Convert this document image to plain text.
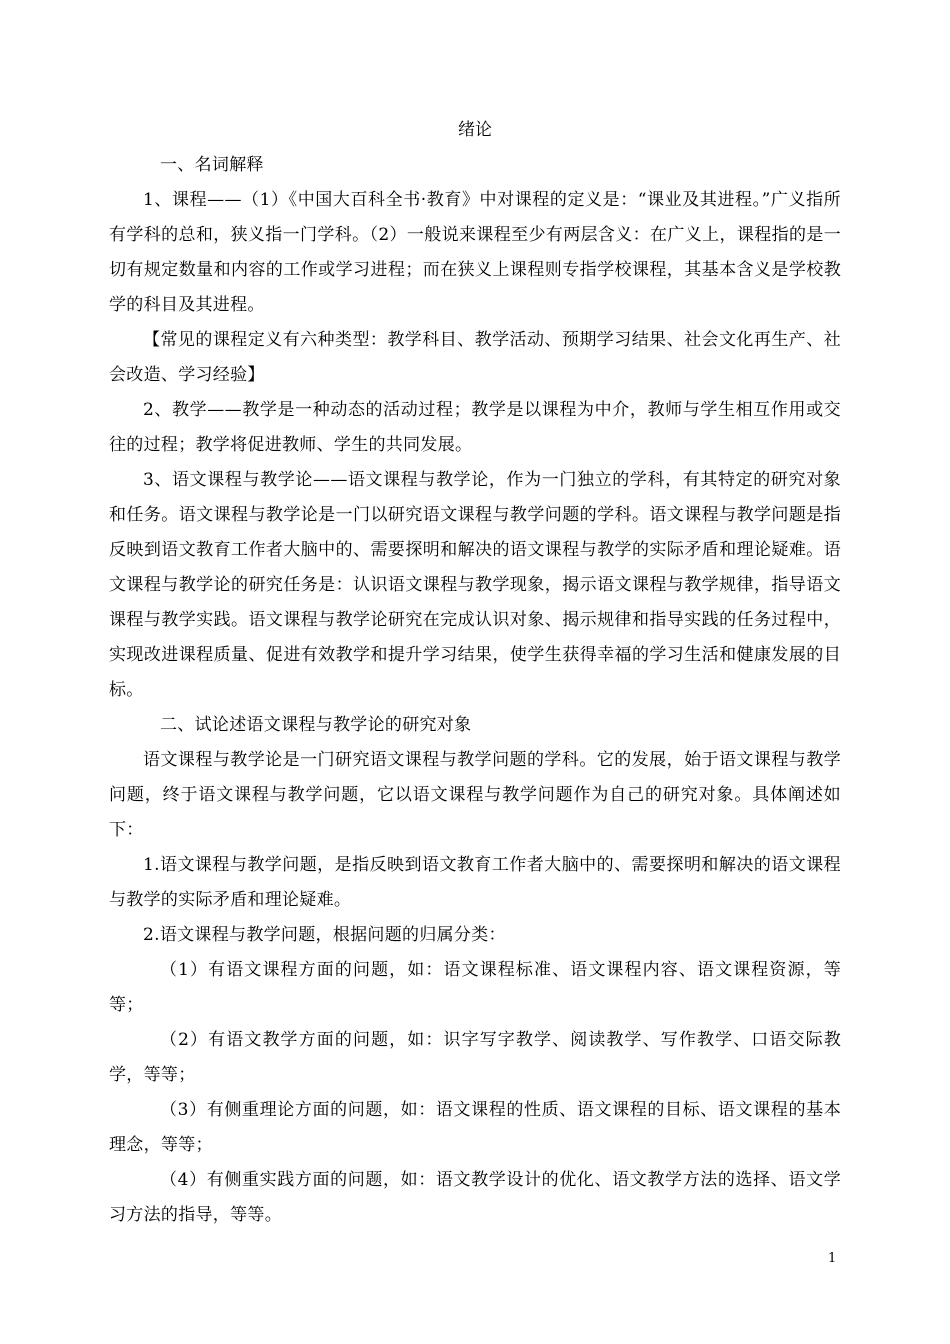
绪论

一、名词解释

1、课程——（1）《中国大百科全书·教育》中对课程的定义是：“课业及其进程。”广义指所有学科的总和，狭义指一门学科。（2）一般说来课程至少有两层含义：在广义上，课程指的是一切有规定数量和内容的工作或学习进程；而在狭义上课程则专指学校课程，其基本含义是学校教学的科目及其进程。

【常见的课程定义有六种类型：教学科目、教学活动、预期学习结果、社会文化再生产、社会改造、学习经验】

2、教学——教学是一种动态的活动过程；教学是以课程为中介，教师与学生相互作用或交往的过程；教学将促进教师、学生的共同发展。

3、语文课程与教学论——语文课程与教学论，作为一门独立的学科，有其特定的研究对象和任务。语文课程与教学论是一门以研究语文课程与教学问题的学科。语文课程与教学问题是指反映到语文教育工作者大脑中的、需要探明和解决的语文课程与教学的实际矛盾和理论疑难。语文课程与教学论的研究任务是：认识语文课程与教学现象，揭示语文课程与教学规律，指导语文课程与教学实践。语文课程与教学论研究在完成认识对象、揭示规律和指导实践的任务过程中，实现改进课程质量、促进有效教学和提升学习结果，使学生获得幸福的学习生活和健康发展的目标。

二、试论述语文课程与教学论的研究对象

语文课程与教学论是一门研究语文课程与教学问题的学科。它的发展，始于语文课程与教学问题，终于语文课程与教学问题，它以语文课程与教学问题作为自己的研究对象。具体阐述如下：

1.语文课程与教学问题，是指反映到语文教育工作者大脑中的、需要探明和解决的语文课程与教学的实际矛盾和理论疑难。

2.语文课程与教学问题，根据问题的归属分类：

（1）有语文课程方面的问题，如：语文课程标准、语文课程内容、语文课程资源，等等；

（2）有语文教学方面的问题，如：识字写字教学、阅读教学、写作教学、口语交际教学，等等；

（3）有侧重理论方面的问题，如：语文课程的性质、语文课程的目标、语文课程的基本理念，等等；

（4）有侧重实践方面的问题，如：语文教学设计的优化、语文教学方法的选择、语文学习方法的指导，等等。

1
